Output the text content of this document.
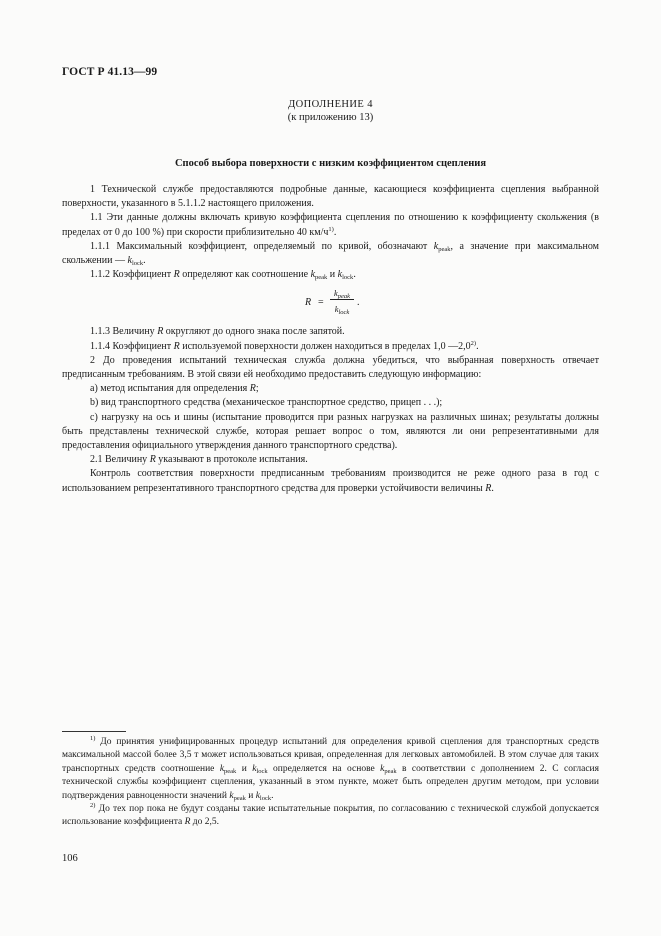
ГОСТ Р 41.13—99
ДОПОЛНЕНИЕ 4
(к приложению 13)
Способ выбора поверхности с низким коэффициентом сцепления

1 Технической службе предоставляются подробные данные, касающиеся коэффициента сцепления выбранной поверхности, указанного в 5.1.1.2 настоящего приложения.

1.1 Эти данные должны включать кривую коэффициента сцепления по отношению к коэффициенту скольжения (в пределах от 0 до 100 %) при скорости приблизительно 40 $км/ч^{1)}$.

1.1.1 Максимальный коэффициент, определяемый по кривой, обозначают $k_{peak}$, а значение при максимальном скольжении — $k_{lock}$.

1.1.2 Коэффициент R определяют как соотношение $k_{peak}$ и $k_{lock}$.

R =
$k_{peak}$
$k_{lock}$
.

1.1.3 Величину R округляют до одного знака после запятой.

1.1.4 Коэффициент R используемой поверхности должен находиться в пределах 1,0 —2,0$^{2)}$.

2 До проведения испытаний техническая служба должна убедиться, что выбранная поверхность отвечает предписанным требованиям. В этой связи ей необходимо предоставить следующую информацию:

a) метод испытания для определения R;

b) вид транспортного средства (механическое транспортное средство, прицеп . . .);

c) нагрузку на ось и шины (испытание проводится при разных нагрузках на различных шинах; результаты должны быть представлены технической службе, которая решает вопрос о том, являются ли они репрезентативными для предоставления официального утверждения данного транспортного средства).

2.1 Величину R указывают в протоколе испытания.

Контроль соответствия поверхности предписанным требованиям производится не реже одного раза в год с использованием репрезентативного транспортного средства для проверки устойчивости величины R.

$^{1)}$ До принятия унифицированных процедур испытаний для определения кривой сцепления для транспортных средств максимальной массой более 3,5 т может использоваться кривая, определенная для легковых автомобилей. В этом случае для таких транспортных средств соотношение $k_{peak}$ и $k_{lock}$ определяется на основе $k_{peak}$ в соответствии с дополнением 2. С согласия технической службы коэффициент сцепления, указанный в этом пункте, может быть определен другим методом, при условии подтверждения равноценности значений $k_{peak}$ и $k_{lock}$.

$^{2)}$ До тех пор пока не будут созданы такие испытательные покрытия, по согласованию с технической службой допускается использование коэффициента R до 2,5.

106
